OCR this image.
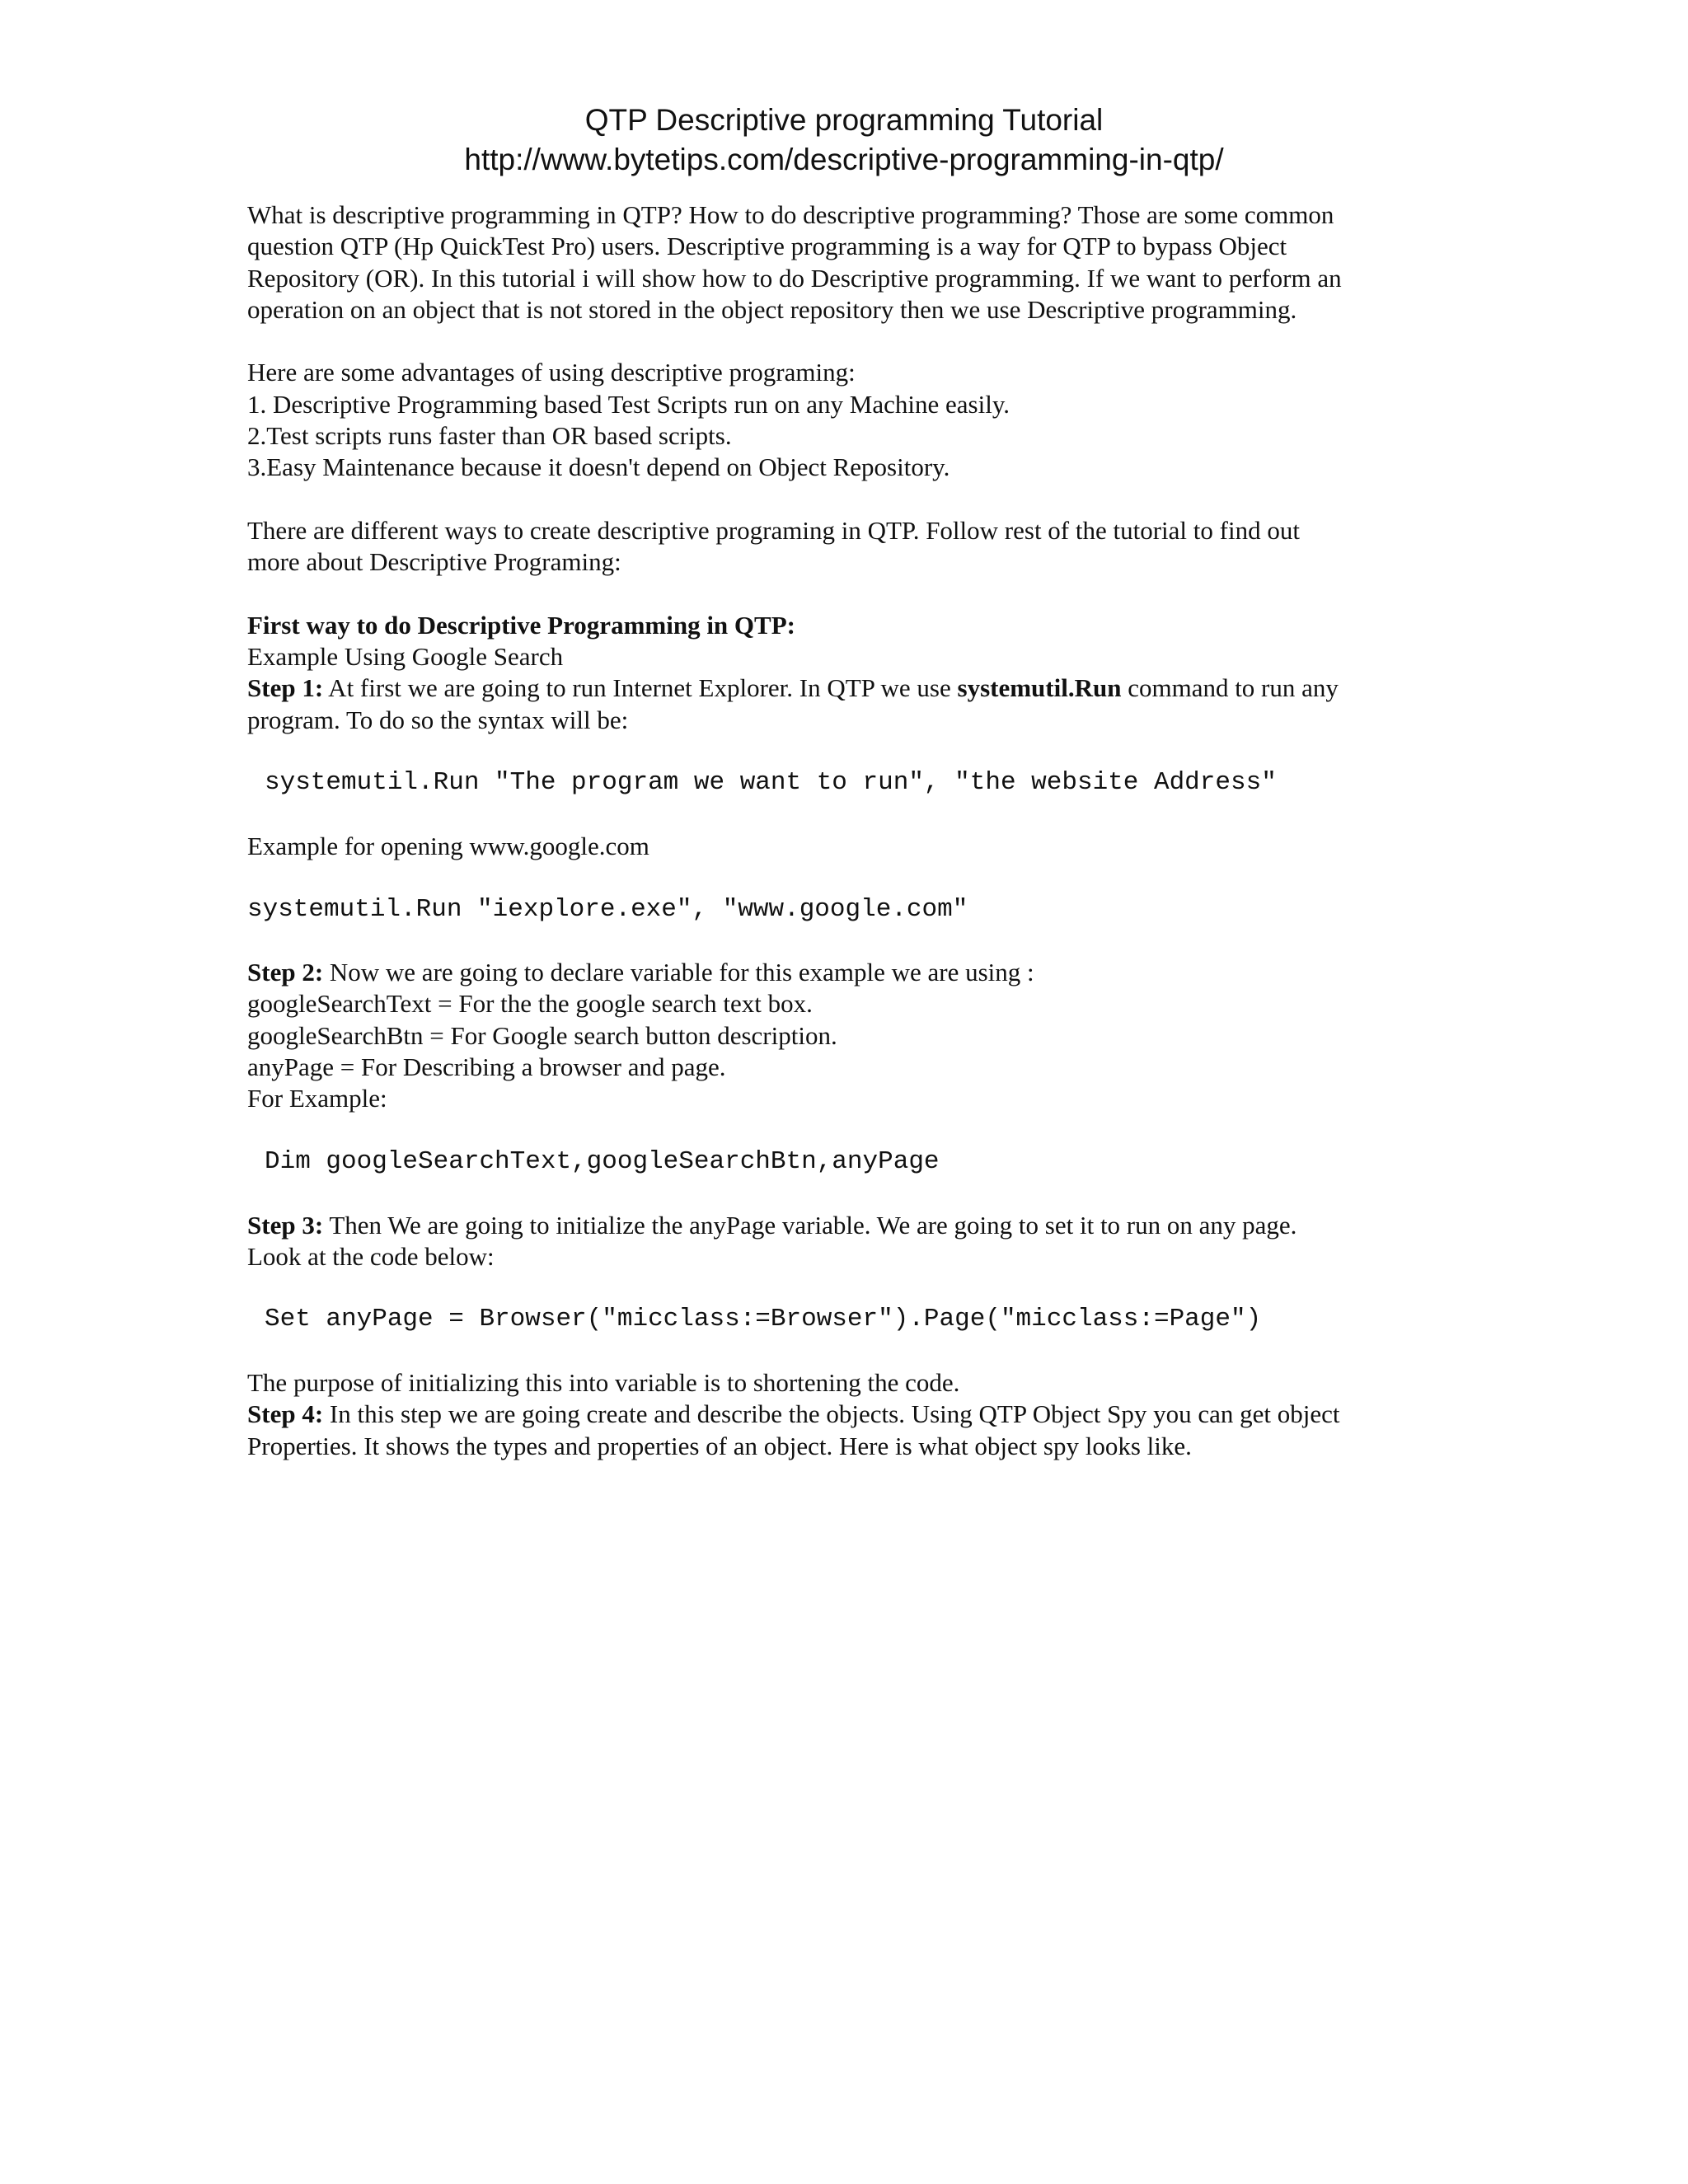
QTP Descriptive programming Tutorial
http://www.bytetips.com/descriptive-programming-in-qtp/
What is descriptive programming in QTP? How to do descriptive programming? Those are some common
question QTP (Hp QuickTest Pro) users. Descriptive programming is a way for QTP to bypass Object
Repository (OR). In this tutorial i will show how to do Descriptive programming. If we want to perform an
operation on an object that is not stored in the object repository then we use Descriptive programming.
Here are some advantages of using descriptive programing:
1. Descriptive Programming based Test Scripts run on any Machine easily.
2.Test scripts runs faster than OR based scripts.
3.Easy Maintenance because it doesn't depend on Object Repository.
There are different ways to create descriptive programing in QTP. Follow rest of the tutorial to find out
more about Descriptive Programing:
First way to do Descriptive Programming in QTP:
Example Using Google Search
Step 1: At first we are going to run Internet Explorer. In QTP we use systemutil.Run command to run any
program. To do so the syntax will be:
systemutil.Run "The program we want to run", "the website Address"
Example for opening www.google.com
systemutil.Run "iexplore.exe", "www.google.com"
Step 2: Now we are going to declare variable for this example we are using :
googleSearchText = For the the google search text box.
googleSearchBtn = For Google search button description.
anyPage = For Describing a browser and page.
For Example:
Dim googleSearchText,googleSearchBtn,anyPage
Step 3: Then We are going to initialize the anyPage variable. We are going to set it to run on any page.
Look at the code below:
Set anyPage = Browser("micclass:=Browser").Page("micclass:=Page")
The purpose of initializing this into variable is to shortening the code.
Step 4: In this step we are going create and describe the objects. Using QTP Object Spy you can get object
Properties. It shows the types and properties of an object. Here is what object spy looks like.
